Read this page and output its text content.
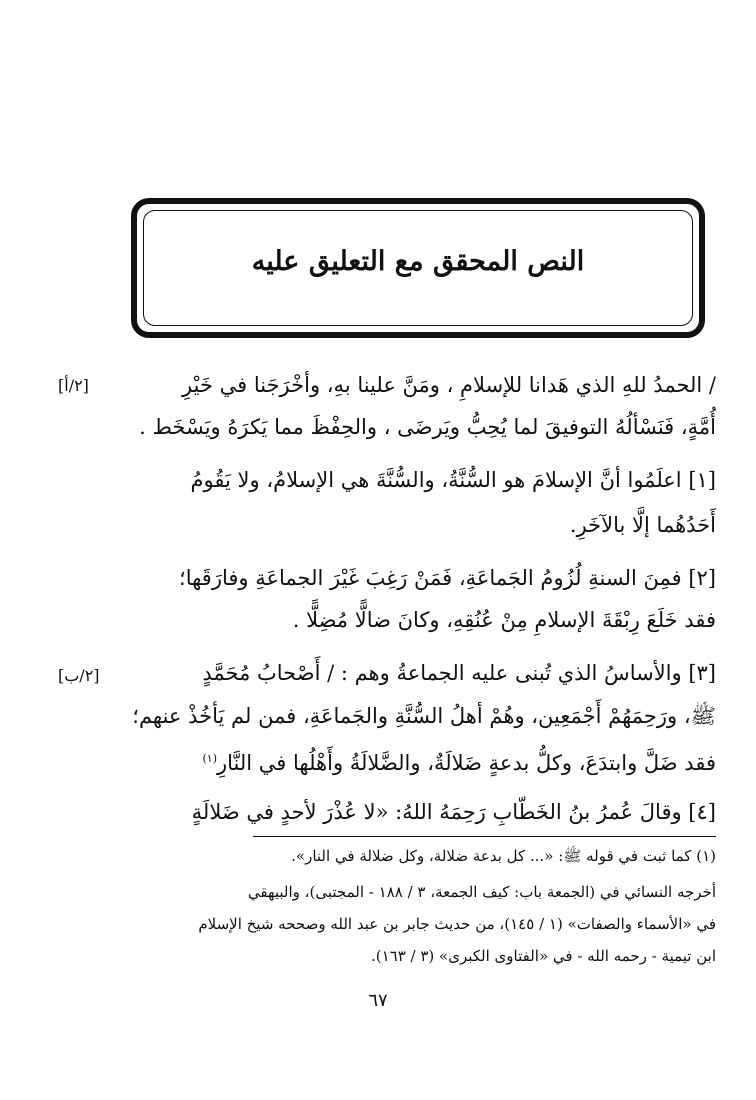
النص المحقق مع التعليق عليه
[٢/أ]
[٢/ب]
/ الحمدُ للهِ الذي هَدانا للإسلامِ ، ومَنَّ علينا بهِ، وأخْرَجَنا في خَيْرِ
أُمَّةٍ، فَنَسْألُهُ التوفيقَ لما يُحِبُّ ويَرضَى ، والحِفْظَ مما يَكرَهُ ويَسْخَط .
[١] اعلَمُوا أنَّ الإسلامَ هو السُّنَّةُ، والسُّنَّةَ هي الإسلامُ، ولا يَقُومُ
أَحَدُهُما إلَّا بالآخَرِ.
[٢] فمِنَ السنةِ لُزُومُ الجَماعَةِ، فَمَنْ رَغِبَ غَيْرَ الجماعَةِ وفارَقَها؛
فقد خَلَعَ رِبْقَةَ الإسلامِ مِنْ عُنُقِهِ، وكانَ ضالًّا مُضِلًّا .
[٣] والأساسُ الذي تُبنى عليه الجماعةُ وهم : / أَصْحابُ مُحَمَّدٍ
ﷺ، ورَحِمَهُمْ أَجْمَعِين، وهُمْ أهلُ السُّنَّةِ والجَماعَةِ، فمن لم يَأخُذْ عنهم؛
فقد ضَلَّ وابتدَعَ، وكلُّ بدعةٍ ضَلالَةٌ، والضَّلالَةُ وأَهْلُها في النَّارِ$^{(١)}$
[٤] وقالَ عُمرُ بنُ الخَطّابِ رَحِمَهُ اللهُ: «لا عُذْرَ لأحدٍ في ضَلالَةٍ
(١) كما ثبت في قوله ﷺ: «... كل بدعة ضلالة، وكل ضلالة في النار».
أخرجه النسائي في (الجمعة باب: كيف الجمعة، ٣ / ١٨٨ - المجتبى)، والبيهقي
في «الأسماء والصفات» (١ / ١٤٥)، من حديث جابر بن عبد الله وصححه شيخ الإسلام
ابن تيمية - رحمه الله - في «الفتاوى الكبرى» (٣ / ١٦٣).
٦٧
